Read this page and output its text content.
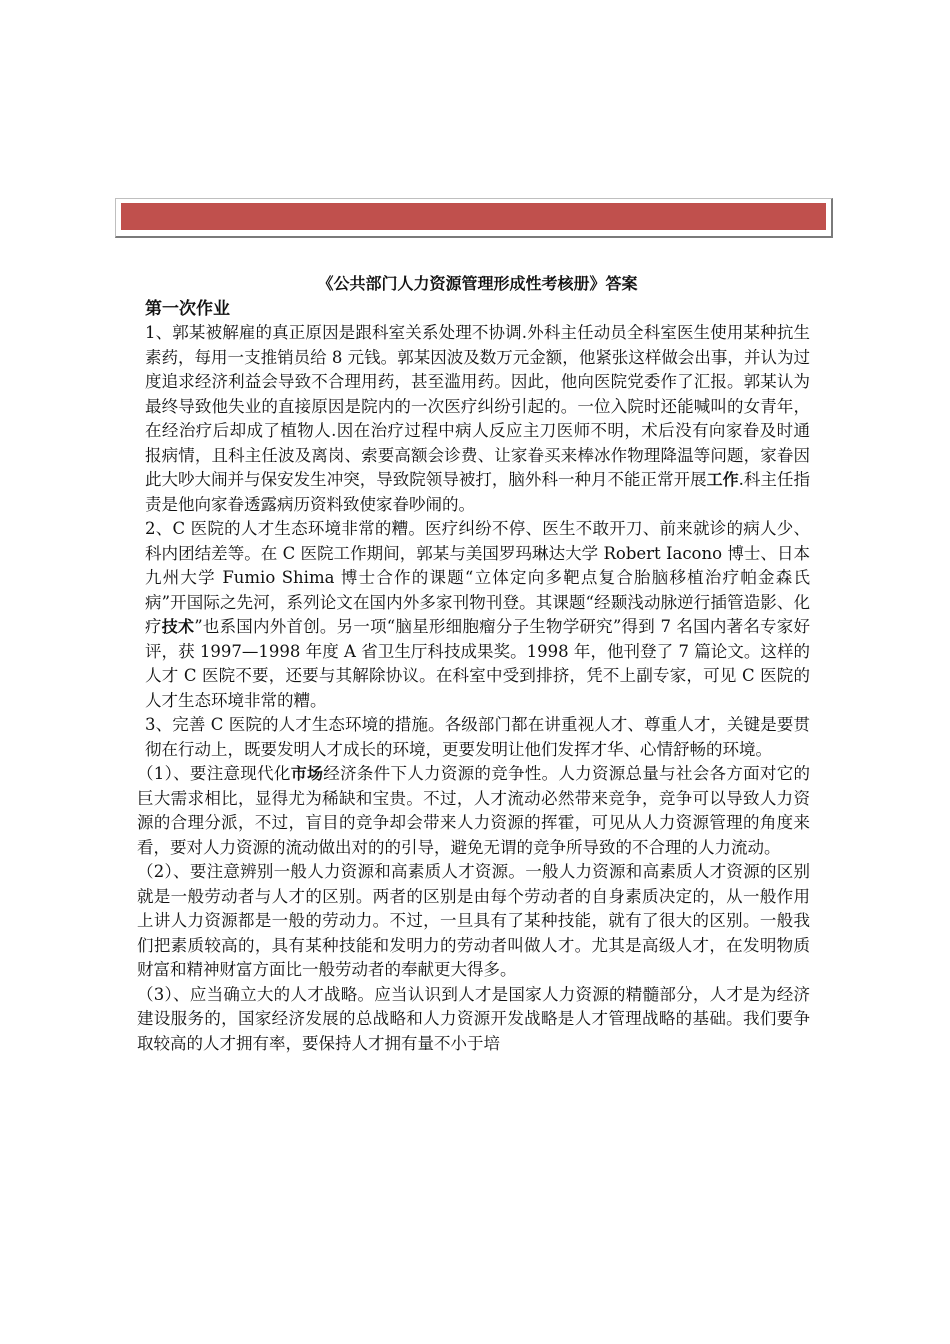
《公共部门人力资源管理形成性考核册》答案

第一次作业

1、郭某被解雇的真正原因是跟科室关系处理不协调.外科主任动员全科室医生使用某种抗生素药，每用一支推销员给 8 元钱。郭某因波及数万元金额，他紧张这样做会出事，并认为过度追求经济利益会导致不合理用药，甚至滥用药。因此，他向医院党委作了汇报。郭某认为最终导致他失业的直接原因是院内的一次医疗纠纷引起的。一位入院时还能喊叫的女青年，在经治疗后却成了植物人.因在治疗过程中病人反应主刀医师不明，术后没有向家眷及时通报病情，且科主任波及离岗、索要高额会诊费、让家眷买来棒冰作物理降温等问题，家眷因此大吵大闹并与保安发生冲突，导致院领导被打，脑外科一种月不能正常开展工作.科主任指责是他向家眷透露病历资料致使家眷吵闹的。

2、C 医院的人才生态环境非常的糟。医疗纠纷不停、医生不敢开刀、前来就诊的病人少、科内团结差等。在 C 医院工作期间，郭某与美国罗玛琳达大学 Robert Iacono 博士、日本九州大学 Fumio Shima 博士合作的课题“立体定向多靶点复合胎脑移植治疗帕金森氏病”开国际之先河，系列论文在国内外多家刊物刊登。其课题“经颞浅动脉逆行插管造影、化疗技术”也系国内外首创。另一项“脑星形细胞瘤分子生物学研究”得到 7 名国内著名专家好评，获 1997—1998 年度 A 省卫生厅科技成果奖。1998 年，他刊登了 7 篇论文。这样的人才 C 医院不要，还要与其解除协议。在科室中受到排挤，凭不上副专家，可见 C 医院的人才生态环境非常的糟。

3、完善 C 医院的人才生态环境的措施。各级部门都在讲重视人才、尊重人才，关键是要贯彻在行动上，既要发明人才成长的环境，更要发明让他们发挥才华、心情舒畅的环境。

（1）、要注意现代化市场经济条件下人力资源的竞争性。人力资源总量与社会各方面对它的巨大需求相比，显得尤为稀缺和宝贵。不过，人才流动必然带来竞争，竞争可以导致人力资源的合理分派，不过，盲目的竞争却会带来人力资源的挥霍，可见从人力资源管理的角度来看，要对人力资源的流动做出对的的引导，避免无谓的竞争所导致的不合理的人力流动。

（2）、要注意辨别一般人力资源和高素质人才资源。一般人力资源和高素质人才资源的区别就是一般劳动者与人才的区别。两者的区别是由每个劳动者的自身素质决定的，从一般作用上讲人力资源都是一般的劳动力。不过，一旦具有了某种技能，就有了很大的区别。一般我们把素质较高的，具有某种技能和发明力的劳动者叫做人才。尤其是高级人才，在发明物质财富和精神财富方面比一般劳动者的奉献更大得多。

（3）、应当确立大的人才战略。应当认识到人才是国家人力资源的精髓部分，人才是为经济建设服务的，国家经济发展的总战略和人力资源开发战略是人才管理战略的基础。我们要争取较高的人才拥有率，要保持人才拥有量不小于培
